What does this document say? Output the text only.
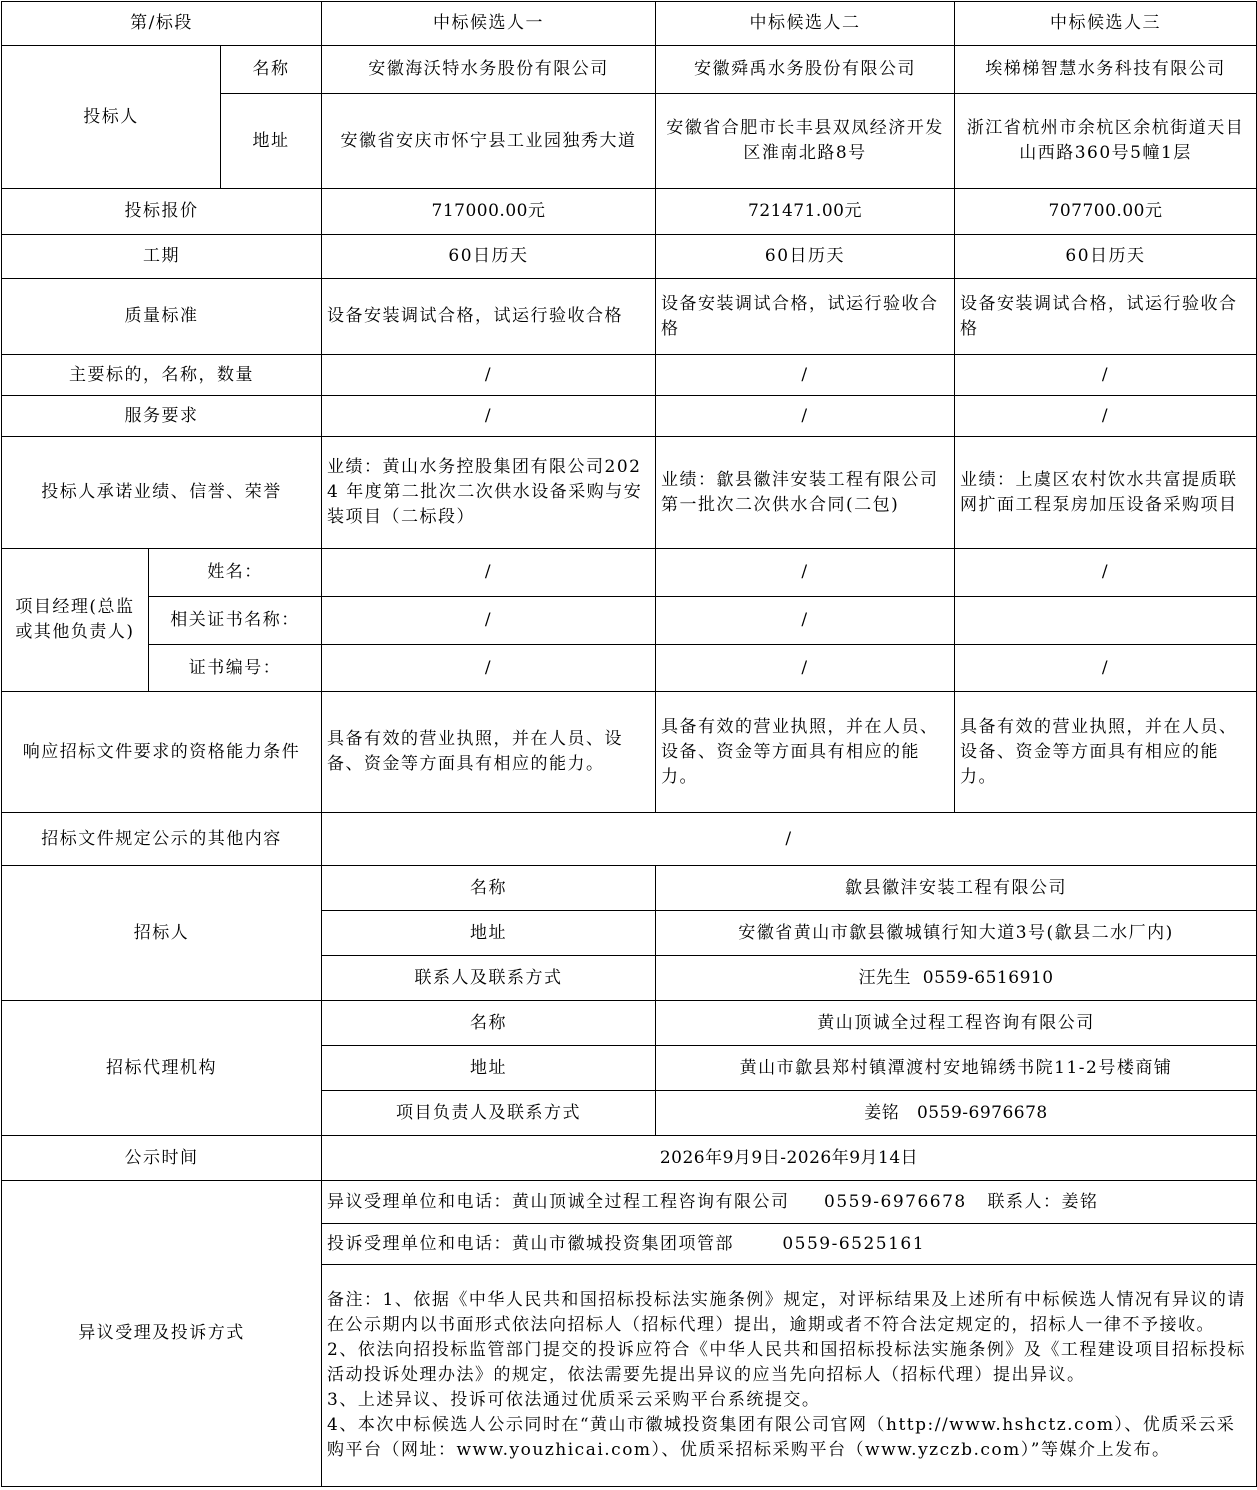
第/标段			中标候选人一	中标候选人二	中标候选人三
投标人		名称	安徽海沃特水务股份有限公司	安徽舜禹水务股份有限公司	埃梯梯智慧水务科技有限公司
		地址	安徽省安庆市怀宁县工业园独秀大道	安徽省合肥市长丰县双凤经济开发区淮南北路8号	浙江省杭州市余杭区余杭街道天目山西路360号5幢1层
投标报价			717000.00元	721471.00元	707700.00元
工期			60日历天	60日历天	60日历天
质量标准			设备安装调试合格，试运行验收合格	设备安装调试合格，试运行验收合格	设备安装调试合格，试运行验收合格
主要标的，名称，数量			/	/	/
服务要求			/	/	/
投标人承诺业绩、信誉、荣誉			业绩：黄山水务控股集团有限公司2024 年度第二批次二次供水设备采购与安装项目（二标段）	业绩：歙县徽沣安装工程有限公司第一批次二次供水合同(二包)	业绩：上虞区农村饮水共富提质联网扩面工程泵房加压设备采购项目
项目经理(总监或其他负责人)	姓名：		/	/	/
	相关证书名称：		/	/	
	证书编号：		/	/	/
响应招标文件要求的资格能力条件			具备有效的营业执照，并在人员、设备、资金等方面具有相应的能力。	具备有效的营业执照，并在人员、设备、资金等方面具有相应的能力。	具备有效的营业执照，并在人员、设备、资金等方面具有相应的能力。
招标文件规定公示的其他内容			/		
招标人			名称	歙县徽沣安装工程有限公司	
			地址	安徽省黄山市歙县徽城镇行知大道3号(歙县二水厂内)	
			联系人及联系方式	汪先生  0559-6516910	
招标代理机构			名称	黄山顶诚全过程工程咨询有限公司	
			地址	黄山市歙县郑村镇潭渡村安地锦绣书院11-2号楼商铺	
			项目负责人及联系方式	姜铭   0559-6976678	
公示时间			2026年9月9日-2026年9月14日		
异议受理及投诉方式			异议受理单位和电话：黄山顶诚全过程工程咨询有限公司     0559-6976678   联系人：姜铭		
			投诉受理单位和电话：黄山市徽城投资集团项管部       0559-6525161		

			备注：1、依据《中华人民共和国招标投标法实施条例》规定，对评标结果及上述所有中标候选人情况有异议的请在公示期内以书面形式依法向招标人（招标代理）提出，逾期或者不符合法定规定的，招标人一律不予接收。
2、依法向招投标监管部门提交的投诉应符合《中华人民共和国招标投标法实施条例》及《工程建设项目招标投标活动投诉处理办法》的规定，依法需要先提出异议的应当先向招标人（招标代理）提出异议。
3、上述异议、投诉可依法通过优质采云采购平台系统提交。
4、本次中标候选人公示同时在“黄山市徽城投资集团有限公司官网（http://www.hshctz.com）、优质采云采购平台（网址：www.youzhicai.com）、优质采招标采购平台（www.yzczb.com）”等媒介上发布。		
